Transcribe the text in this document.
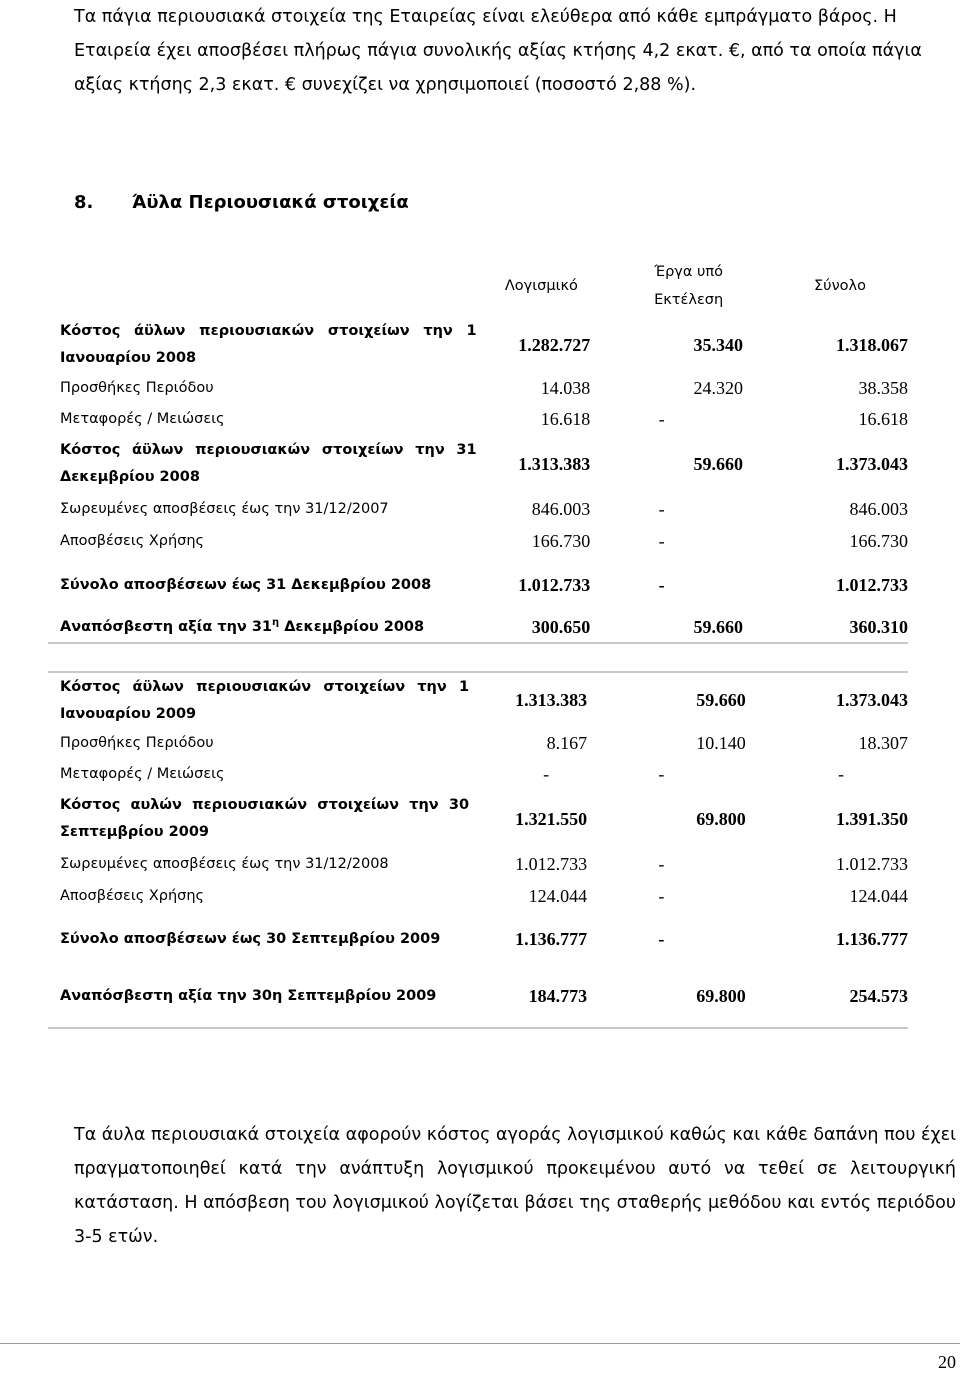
Τα πάγια περιουσιακά στοιχεία της Εταιρείας είναι ελεύθερα από κάθε εμπράγματο βάρος. Η Εταιρεία έχει αποσβέσει πλήρως πάγια συνολικής αξίας κτήσης 4,2 εκατ. €, από τα οποία πάγια αξίας κτήσης 2,3 εκατ. € συνεχίζει να χρησιμοποιεί (ποσοστό 2,88 %).

8. Άϋλα Περιουσιακά στοιχεία
	Λογισμικό	Έργα υπό Εκτέλεση	Σύνολο
Κόστος άϋλων περιουσιακών στοιχείων την 1 Ιανουαρίου 2008	1.282.727	35.340	1.318.067
Προσθήκες Περιόδου	14.038	24.320	38.358
Μεταφορές / Μειώσεις	16.618	-	16.618
Κόστος άϋλων περιουσιακών στοιχείων την 31 Δεκεμβρίου 2008	1.313.383	59.660	1.373.043
Σωρευμένες αποσβέσεις έως την 31/12/2007	846.003	-	846.003
Αποσβέσεις Χρήσης	166.730	-	166.730
Σύνολο αποσβέσεων έως 31 Δεκεμβρίου 2008	1.012.733	-	1.012.733
Αναπόσβεστη αξία την $31^\eta$ Δεκεμβρίου 2008	300.650	59.660	360.310
Κόστος άϋλων περιουσιακών στοιχείων την 1 Ιανουαρίου 2009	1.313.383	59.660	1.373.043
Προσθήκες Περιόδου	8.167	10.140	18.307
Μεταφορές / Μειώσεις	-	-	-
Κόστος αυλών περιουσιακών στοιχείων την 30 Σεπτεμβρίου 2009	1.321.550	69.800	1.391.350
Σωρευμένες αποσβέσεις έως την 31/12/2008	1.012.733	-	1.012.733
Αποσβέσεις Χρήσης	124.044	-	124.044
Σύνολο αποσβέσεων έως 30 Σεπτεμβρίου 2009	1.136.777	-	1.136.777
Αναπόσβεστη αξία την 30η Σεπτεμβρίου 2009	184.773	69.800	254.573

Τα άυλα περιουσιακά στοιχεία αφορούν κόστος αγοράς λογισμικού καθώς και κάθε δαπάνη που έχει πραγματοποιηθεί κατά την ανάπτυξη λογισμικού προκειμένου αυτό να τεθεί σε λειτουργική κατάσταση. Η απόσβεση του λογισμικού λογίζεται βάσει της σταθερής μεθόδου και εντός περιόδου 3-5 ετών.

20
